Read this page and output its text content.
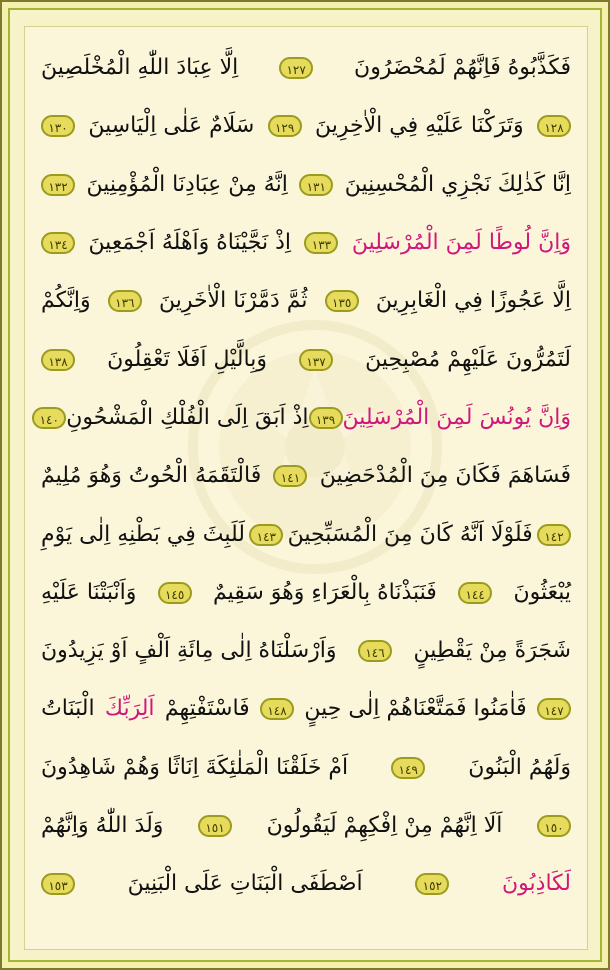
فَكَذَّبُوهُ فَاِنَّهُمْ لَمُحْضَرُونَ
١٢٧
اِلَّا عِبَادَ اللّٰهِ الْمُخْلَصِينَ
١٢٨
وَتَرَكْنَا عَلَيْهِ فِي الْاٰخِرِينَ
١٢٩
سَلَامٌ عَلٰى اِلْيَاسِينَ
١٣٠
اِنَّا كَذٰلِكَ نَجْزِي الْمُحْسِنِينَ
١٣١
اِنَّهُ مِنْ عِبَادِنَا الْمُؤْمِنِينَ
١٣٢
وَاِنَّ لُوطًا لَمِنَ الْمُرْسَلِينَ
١٣٣
اِذْ نَجَّيْنَاهُ وَاَهْلَهُ اَجْمَعِينَ
١٣٤
اِلَّا عَجُوزًا فِي الْغَابِرِينَ
١٣٥
ثُمَّ دَمَّرْنَا الْاٰخَرِينَ
١٣٦
وَاِنَّكُمْ
لَتَمُرُّونَ عَلَيْهِمْ مُصْبِحِينَ
١٣٧
وَبِالَّيْلِ اَفَلَا تَعْقِلُونَ
١٣٨
وَاِنَّ يُونُسَ لَمِنَ الْمُرْسَلِينَ
١٣٩
اِذْ اَبَقَ اِلَى الْفُلْكِ الْمَشْحُونِ
١٤٠
فَسَاهَمَ فَكَانَ مِنَ الْمُدْحَضِينَ
١٤١
فَالْتَقَمَهُ الْحُوتُ وَهُوَ مُلِيمٌ
١٤٢
فَلَوْلَا اَنَّهُ كَانَ مِنَ الْمُسَبِّحِينَ
١٤٣
لَلَبِثَ فِي بَطْنِهِ اِلٰى يَوْمِ
يُبْعَثُونَ
١٤٤
فَنَبَذْنَاهُ بِالْعَرَاءِ وَهُوَ سَقِيمٌ
١٤٥
وَاَنْبَتْنَا عَلَيْهِ
شَجَرَةً مِنْ يَقْطِينٍ
١٤٦
وَاَرْسَلْنَاهُ اِلٰى مِائَةِ اَلْفٍ اَوْ يَزِيدُونَ
١٤٧
فَاٰمَنُوا فَمَتَّعْنَاهُمْ اِلٰى حِينٍ
١٤٨
فَاسْتَفْتِهِمْ
اَلِرَبِّكَ
الْبَنَاتُ
وَلَهُمُ الْبَنُونَ
١٤٩
اَمْ خَلَقْنَا الْمَلٰئِكَةَ اِنَاثًا وَهُمْ شَاهِدُونَ
١٥٠
اَلَا اِنَّهُمْ مِنْ اِفْكِهِمْ لَيَقُولُونَ
١٥١
وَلَدَ اللّٰهُ وَاِنَّهُمْ
لَكَاذِبُونَ
١٥٢
اَصْطَفَى الْبَنَاتِ عَلَى الْبَنِينَ
١٥٣
